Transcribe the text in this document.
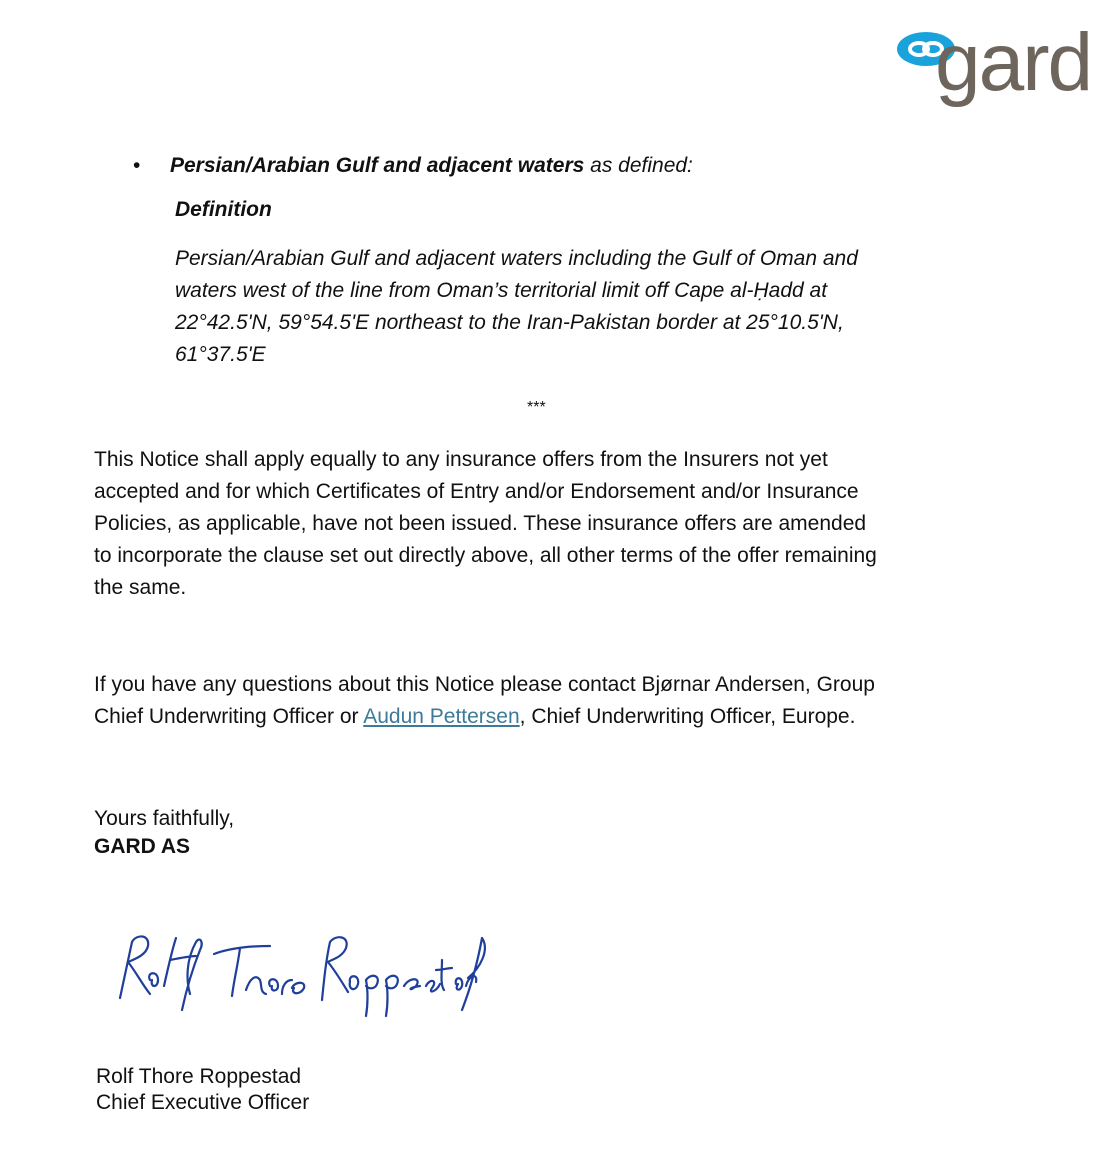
gard
• Persian/Arabian Gulf and adjacent waters as defined:
Definition
Persian/Arabian Gulf and adjacent waters including the Gulf of Oman and
waters west of the line from Oman’s territorial limit off Cape al-Ḥadd at
22°42.5'N, 59°54.5'E northeast to the Iran-Pakistan border at 25°10.5'N,
61°37.5'E
***
This Notice shall apply equally to any insurance offers from the Insurers not yet
accepted and for which Certificates of Entry and/or Endorsement and/or Insurance
Policies, as applicable, have not been issued. These insurance offers are amended
to incorporate the clause set out directly above, all other terms of the offer remaining
the same.
If you have any questions about this Notice please contact Bjørnar Andersen, Group
Chief Underwriting Officer or Audun Pettersen, Chief Underwriting Officer, Europe.
Yours faithfully,
GARD AS
Rolf Thore Roppestad
Chief Executive Officer
